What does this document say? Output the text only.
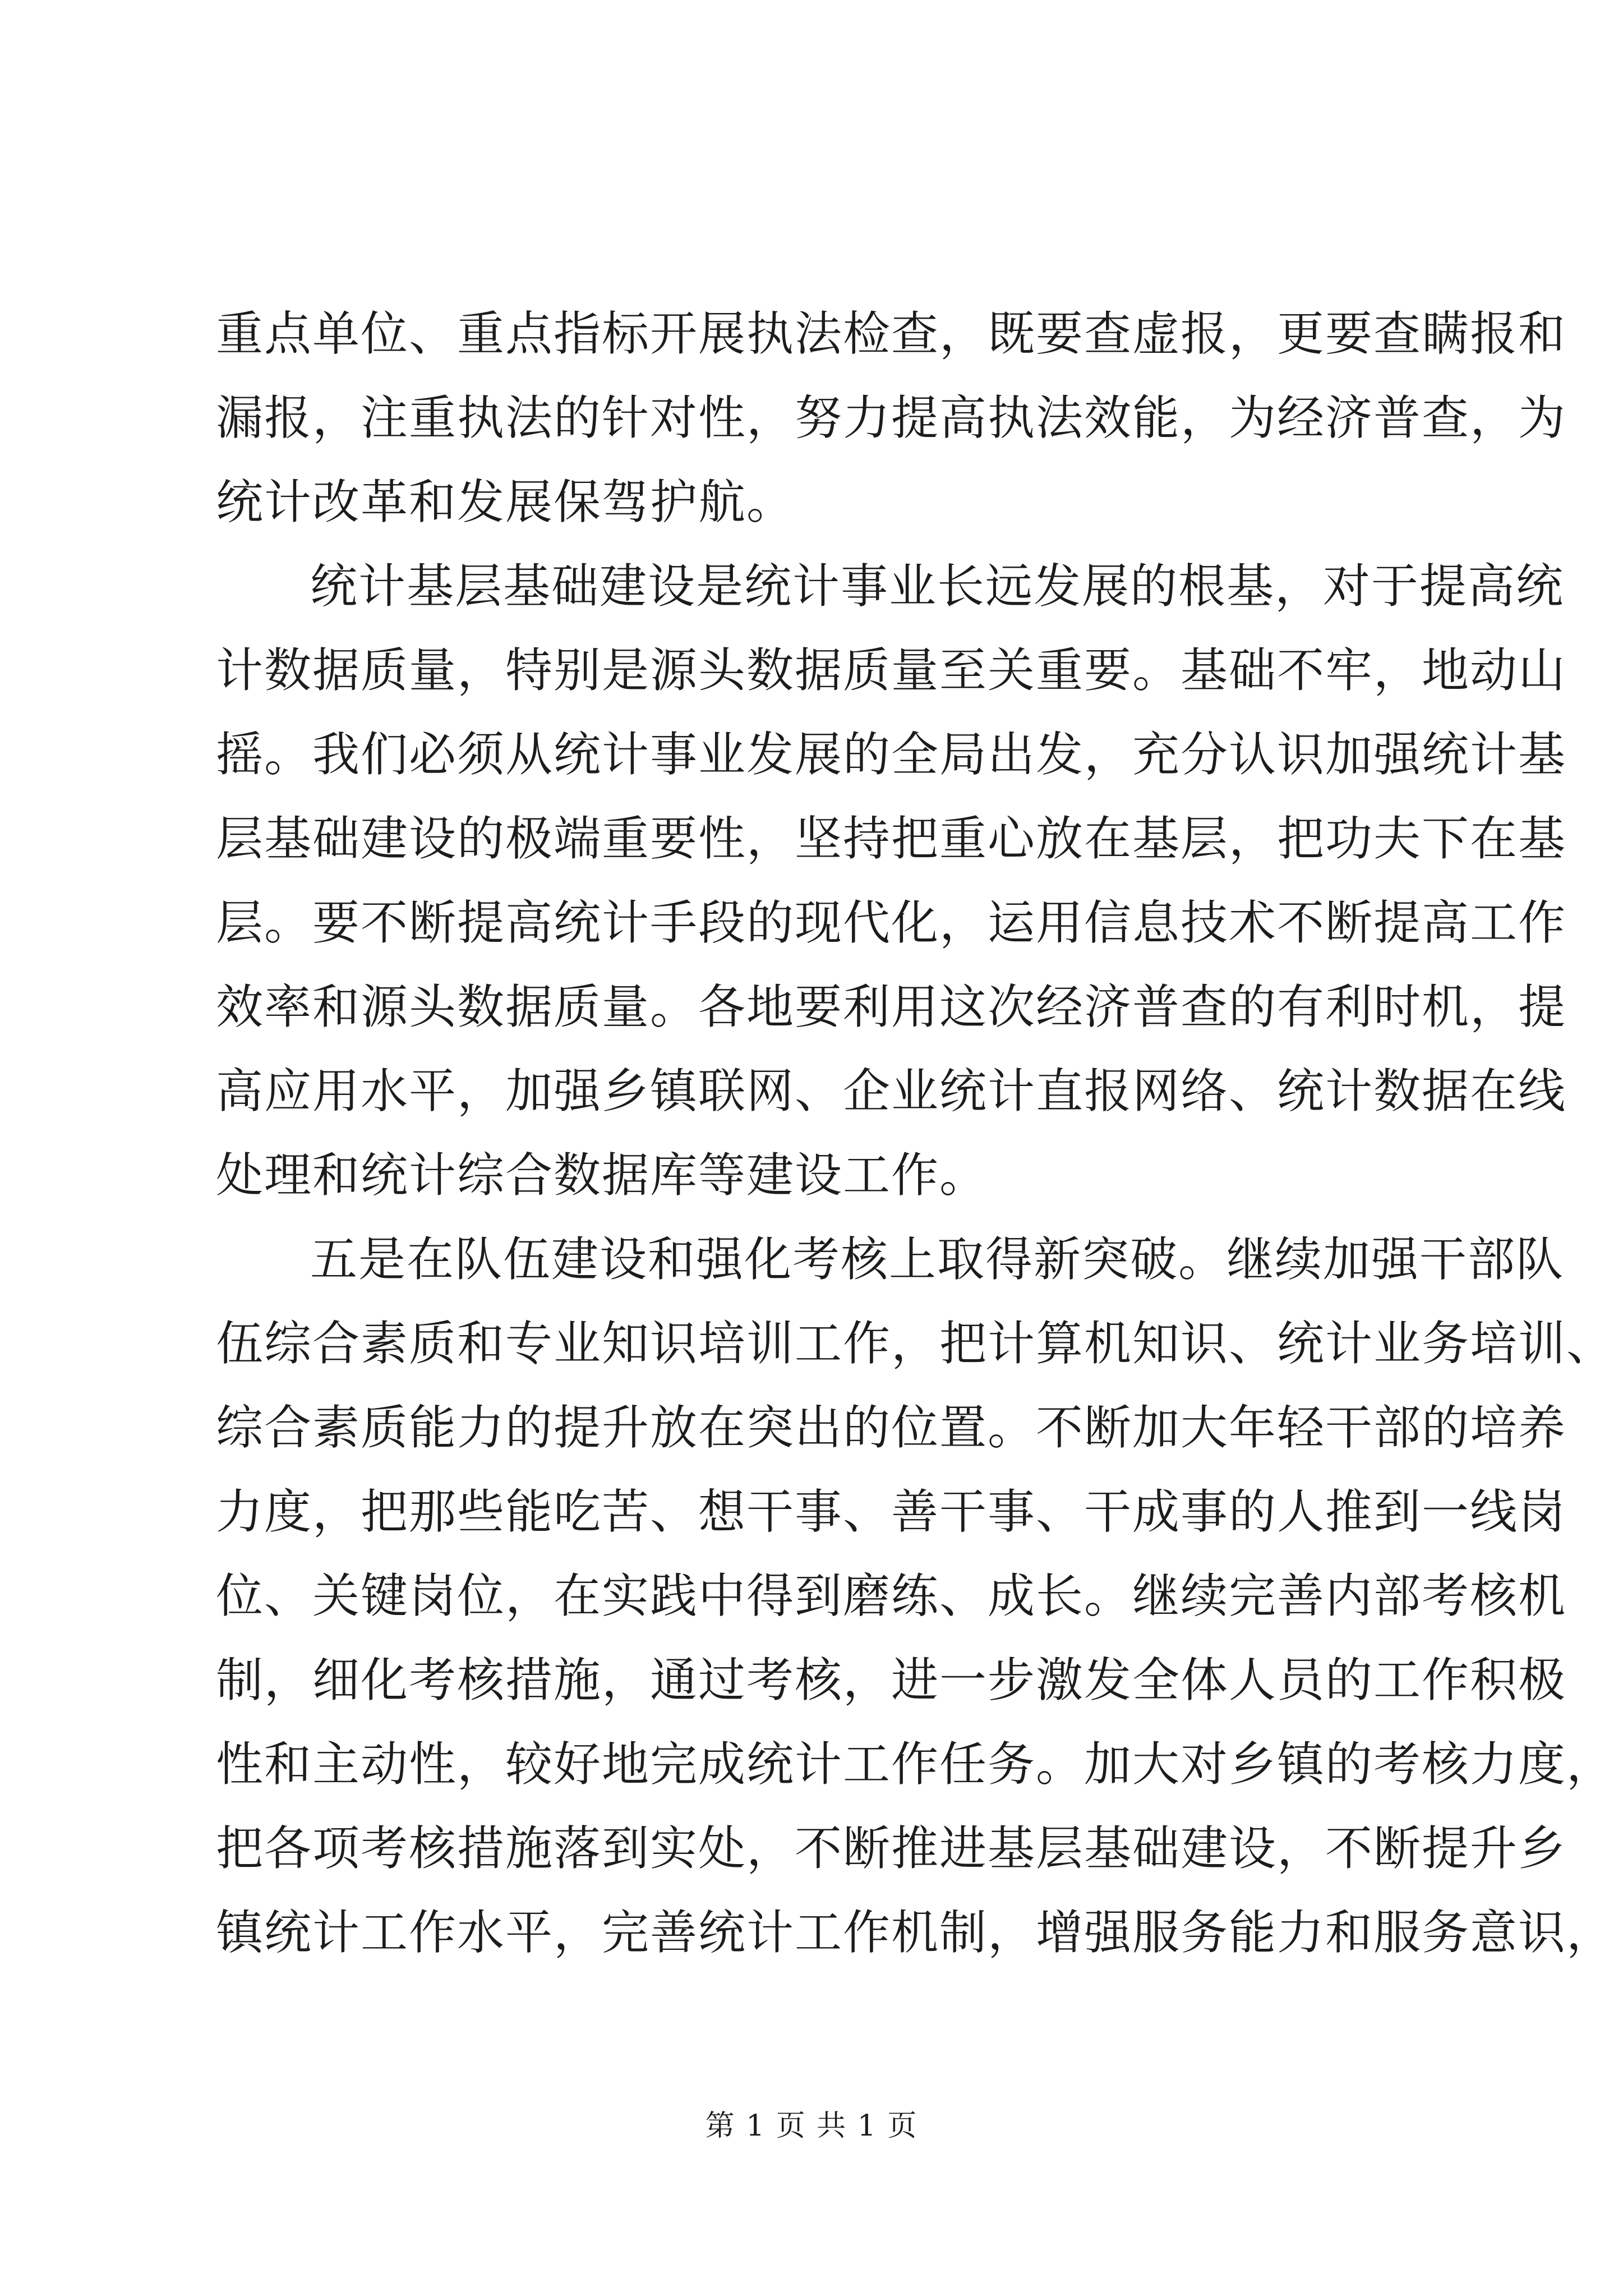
重点单位、重点指标开展执法检查，既要查虚报，更要查瞒报和
漏报，注重执法的针对性，努力提高执法效能，为经济普查，为
统计改革和发展保驾护航。
统计基层基础建设是统计事业长远发展的根基，对于提高统
计数据质量，特别是源头数据质量至关重要。基础不牢，地动山
摇。我们必须从统计事业发展的全局出发，充分认识加强统计基
层基础建设的极端重要性，坚持把重心放在基层，把功夫下在基
层。要不断提高统计手段的现代化，运用信息技术不断提高工作
效率和源头数据质量。各地要利用这次经济普查的有利时机，提
高应用水平，加强乡镇联网、企业统计直报网络、统计数据在线
处理和统计综合数据库等建设工作。
五是在队伍建设和强化考核上取得新突破。继续加强干部队
伍综合素质和专业知识培训工作，把计算机知识、统计业务培训、
综合素质能力的提升放在突出的位置。不断加大年轻干部的培养
力度，把那些能吃苦、想干事、善干事、干成事的人推到一线岗
位、关键岗位，在实践中得到磨练、成长。继续完善内部考核机
制，细化考核措施，通过考核，进一步激发全体人员的工作积极
性和主动性，较好地完成统计工作任务。加大对乡镇的考核力度，
把各项考核措施落到实处，不断推进基层基础建设，不断提升乡
镇统计工作水平，完善统计工作机制，增强服务能力和服务意识，
第 1 页 共 1 页
